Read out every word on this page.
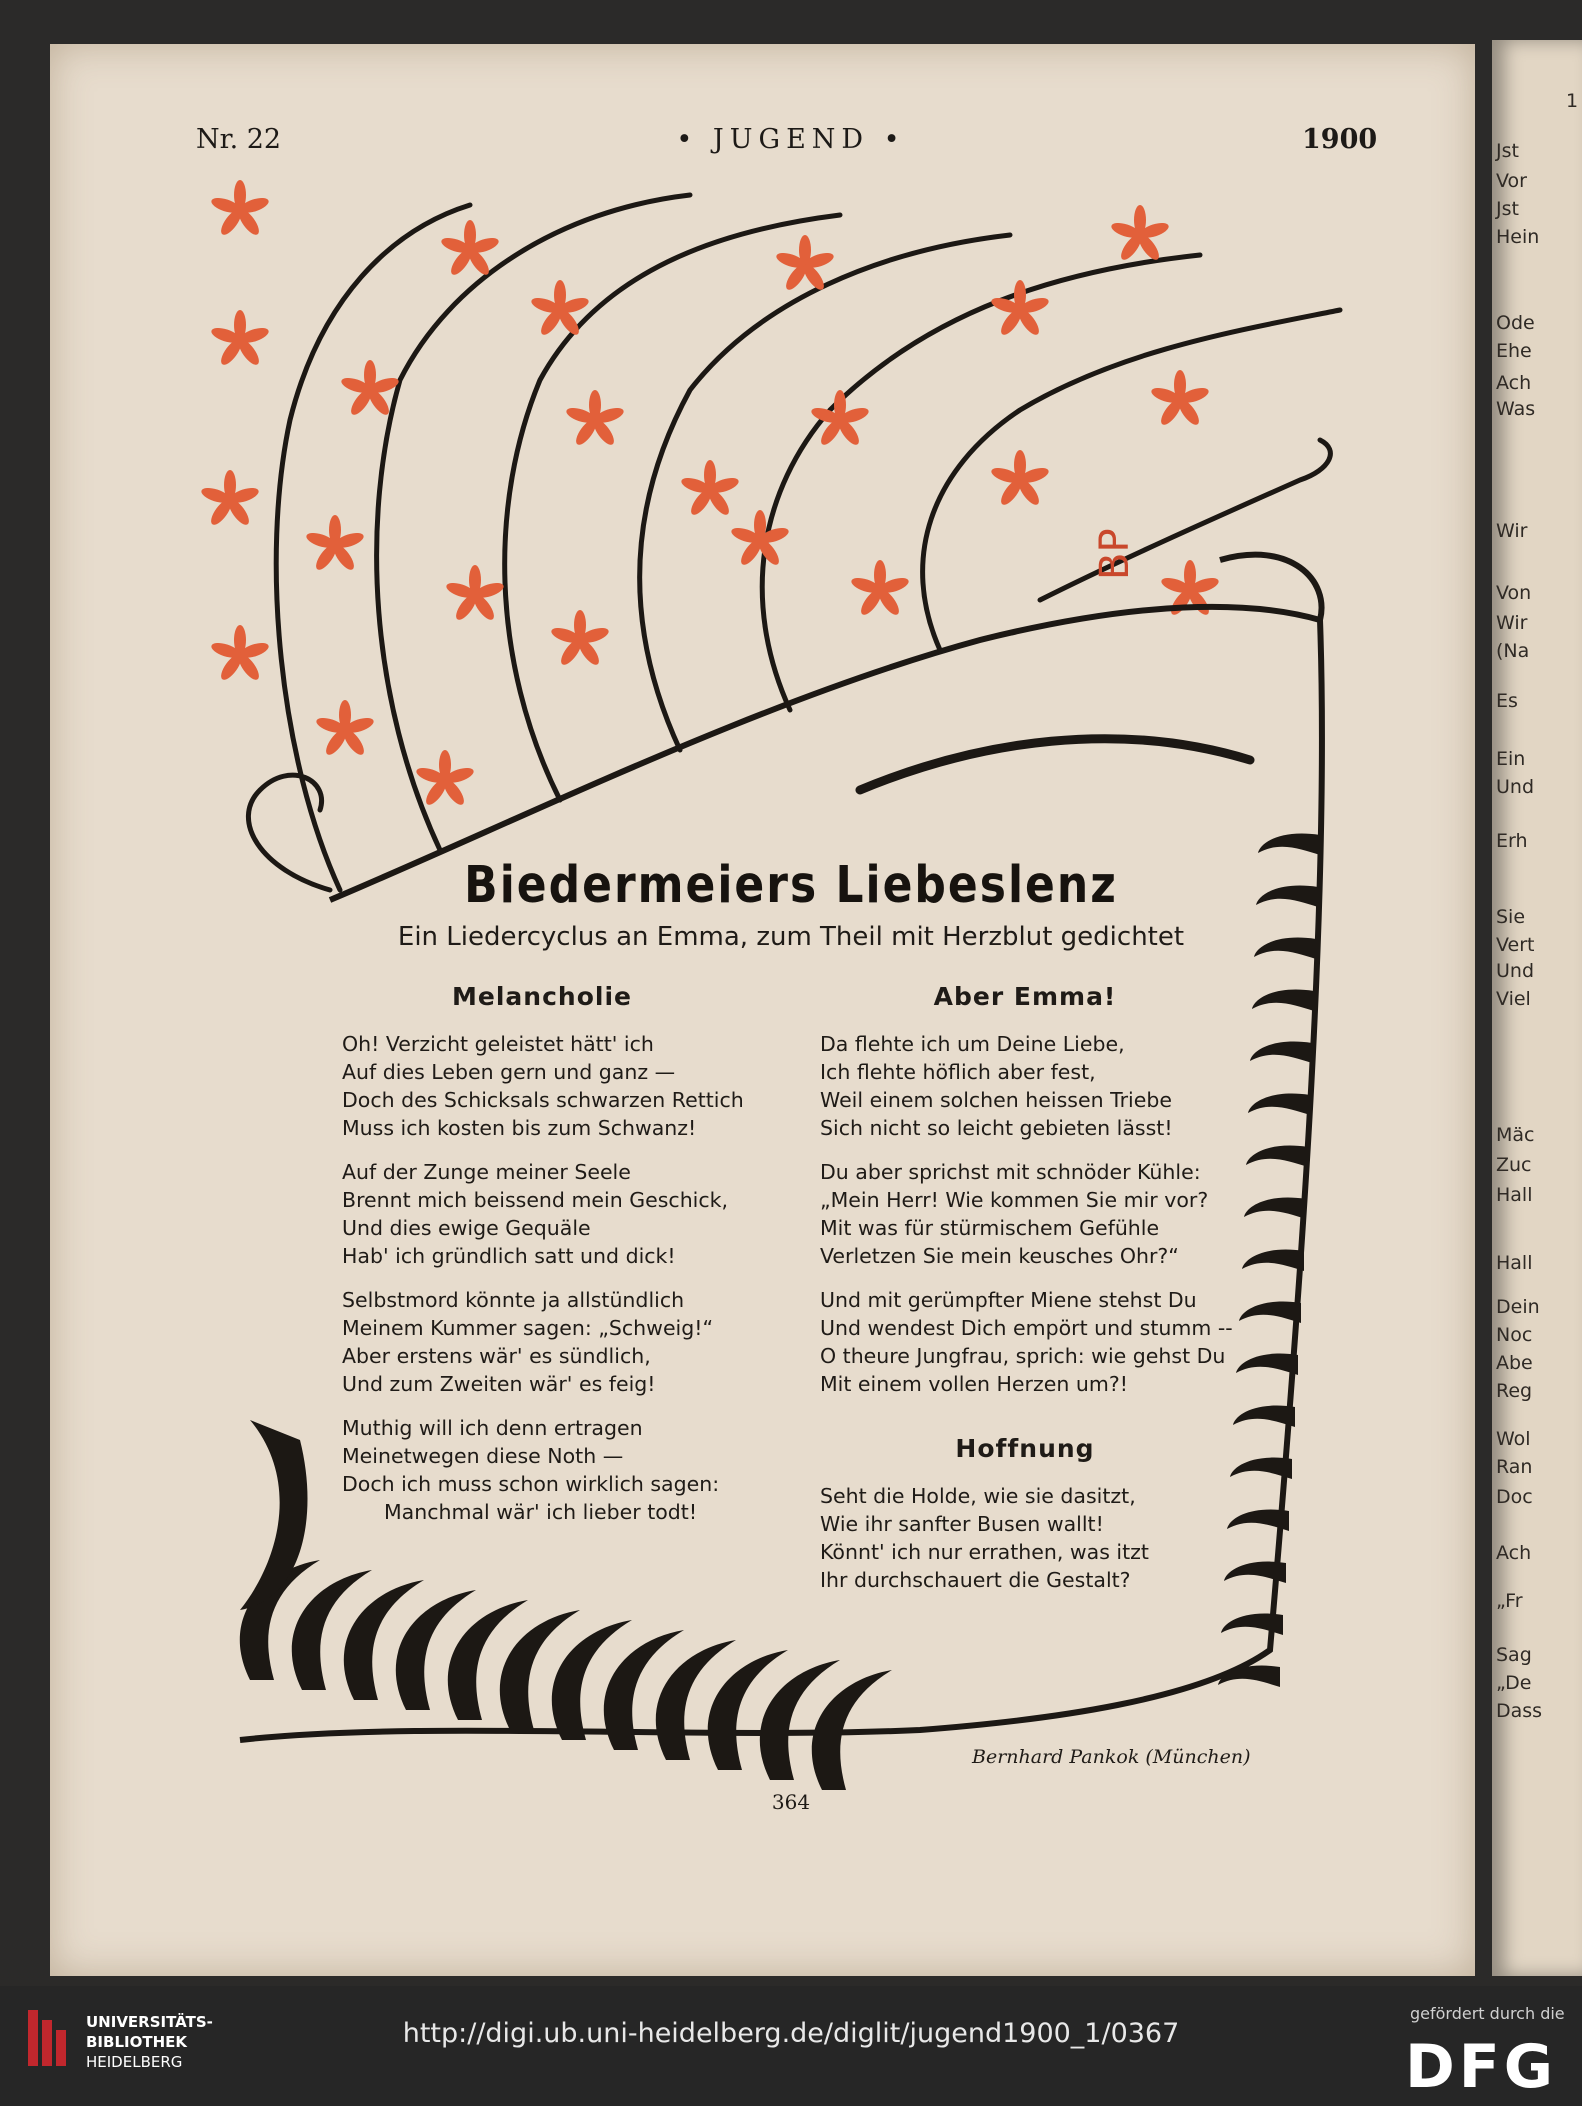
Nr. 22	• JUGEND •	1900
BP
Biedermeiers Liebeslenz
Ein Liedercyclus an Emma, zum Theil mit Herzblut gedichtet
Melancholie
Oh! Verzicht geleistet hätt' ich
Auf dies Leben gern und ganz —
Doch des Schicksals schwarzen Rettich
Muss ich kosten bis zum Schwanz!
Auf der Zunge meiner Seele
Brennt mich beissend mein Geschick,
Und dies ewige Gequäle
Hab' ich gründlich satt und dick!
Selbstmord könnte ja allstündlich
Meinem Kummer sagen: „Schweig!“
Aber erstens wär' es sündlich,
Und zum Zweiten wär' es feig!
Muthig will ich denn ertragen
Meinetwegen diese Noth —
Doch ich muss schon wirklich sagen:
Manchmal wär' ich lieber todt!
Aber Emma!
Da flehte ich um Deine Liebe,
Ich flehte höflich aber fest,
Weil einem solchen heissen Triebe
Sich nicht so leicht gebieten lässt!
Du aber sprichst mit schnöder Kühle:
„Mein Herr! Wie kommen Sie mir vor?
Mit was für stürmischem Gefühle
Verletzen Sie mein keusches Ohr?“
Und mit gerümpfter Miene stehst Du
Und wendest Dich empört und stumm --
O theure Jungfrau, sprich: wie gehst Du
Mit einem vollen Herzen um?!
Hoffnung
Seht die Holde, wie sie dasitzt,
Wie ihr sanfter Busen wallt!
Könnt' ich nur errathen, was itzt
Ihr durchschauert die Gestalt?
Bernhard Pankok (München)
364
1
Jst
Vor
Jst
Hein
Ode
Ehe
Ach
Was
Wir
Von
Wir
(Na
Es
Ein
Und
Erh
Sie
Vert
Und
Viel
Mäc
Zuc
Hall
Hall
Dein
Noc
Abe
Reg
Wol
Ran
Doc
Ach
„Fr
Sag
„De
Dass
UNIVERSITÄTS-
BIBLIOTHEK
HEIDELBERG
http://digi.ub.uni-heidelberg.de/diglit/jugend1900_1/0367
gefördert durch die
DFG
